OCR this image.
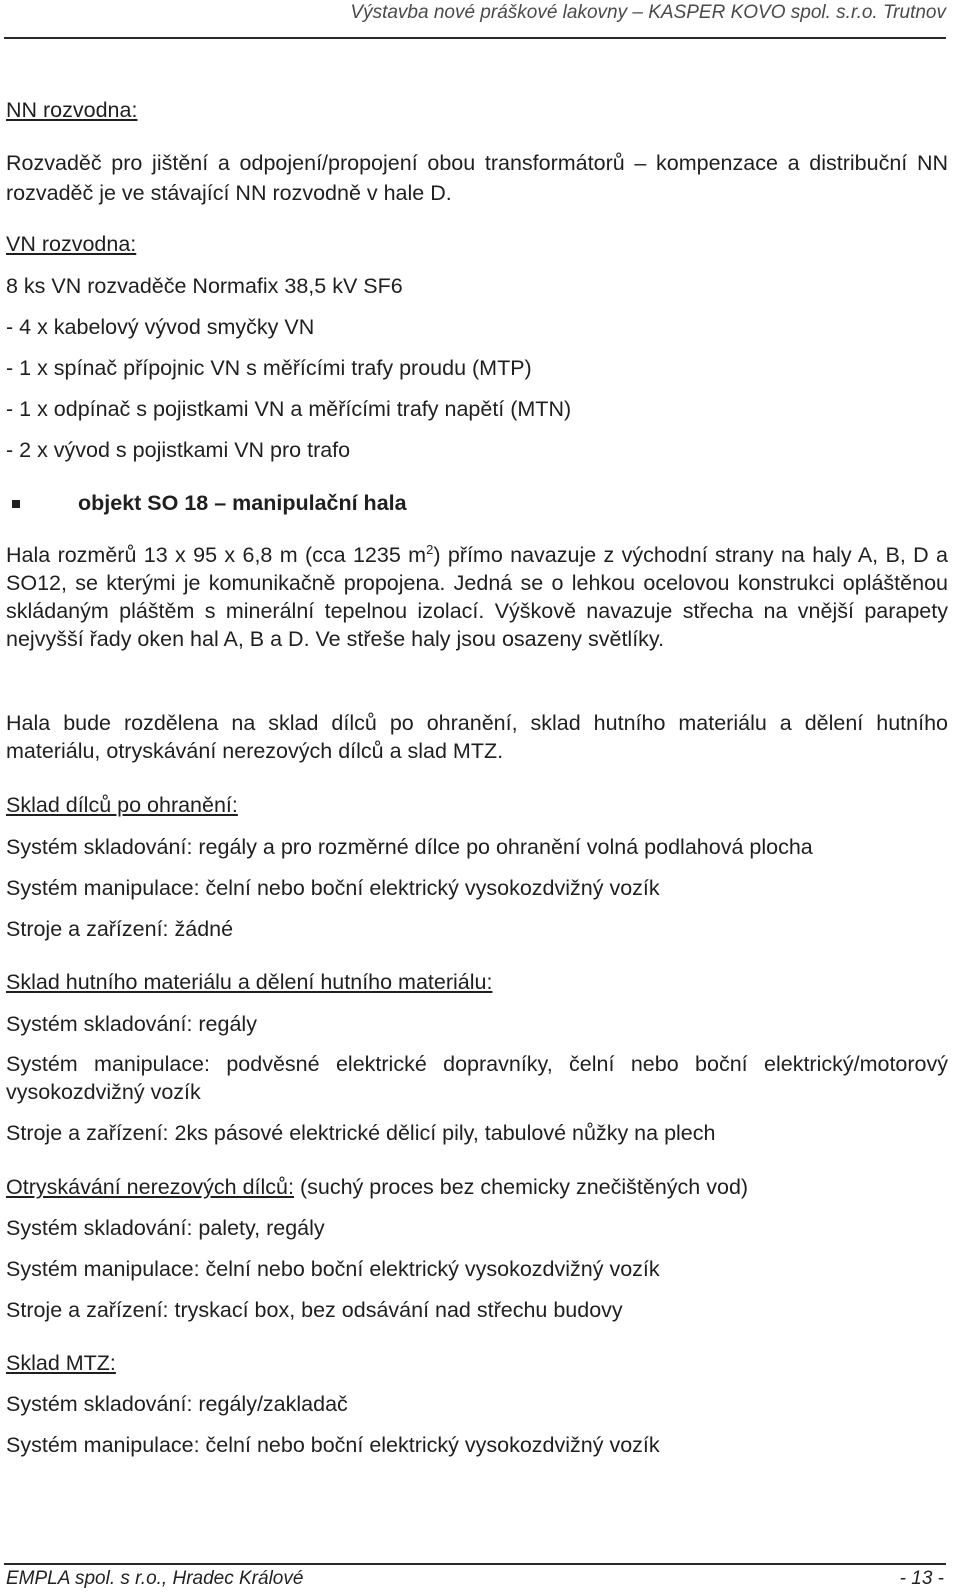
Výstavba nové práškové lakovny – KASPER KOVO spol. s.r.o. Trutnov
NN rozvodna:
Rozvaděč pro jištění a odpojení/propojení obou transformátorů – kompenzace a distribuční NN rozvaděč je ve stávající NN rozvodně v hale D.
VN rozvodna:
8 ks VN rozvaděče Normafix 38,5 kV SF6
- 4 x kabelový vývod smyčky VN
- 1 x spínač přípojnic VN s měřícími trafy proudu (MTP)
- 1 x odpínač s pojistkami VN a měřícími trafy napětí (MTN)
- 2 x vývod s pojistkami VN pro trafo
objekt SO 18 – manipulační hala
Hala rozměrů 13 x 95 x 6,8 m (cca 1235 $m^2$) přímo navazuje z východní strany na haly A, B, D a SO12, se kterými je komunikačně propojena. Jedná se o lehkou ocelovou konstrukci opláštěnou skládaným pláštěm s minerální tepelnou izolací. Výškově navazuje střecha na vnější parapety nejvyšší řady oken hal A, B a D. Ve střeše haly jsou osazeny světlíky.
Hala bude rozdělena na sklad dílců po ohranění, sklad hutního materiálu a dělení hutního materiálu, otryskávání nerezových dílců a slad MTZ.
Sklad dílců po ohranění:
Systém skladování: regály a pro rozměrné dílce po ohranění volná podlahová plocha
Systém manipulace: čelní nebo boční elektrický vysokozdvižný vozík
Stroje a zařízení: žádné
Sklad hutního materiálu a dělení hutního materiálu:
Systém skladování: regály
Systém manipulace: podvěsné elektrické dopravníky, čelní nebo boční elektrický/motorový vysokozdvižný vozík
Stroje a zařízení: 2ks pásové elektrické dělicí pily, tabulové nůžky na plech
Otryskávání nerezových dílců: (suchý proces bez chemicky znečištěných vod)
Systém skladování: palety, regály
Systém manipulace: čelní nebo boční elektrický vysokozdvižný vozík
Stroje a zařízení: tryskací box, bez odsávání nad střechu budovy
Sklad MTZ:
Systém skladování: regály/zakladač
Systém manipulace: čelní nebo boční elektrický vysokozdvižný vozík
EMPLA spol. s r.o., Hradec Králové	- 13 -
